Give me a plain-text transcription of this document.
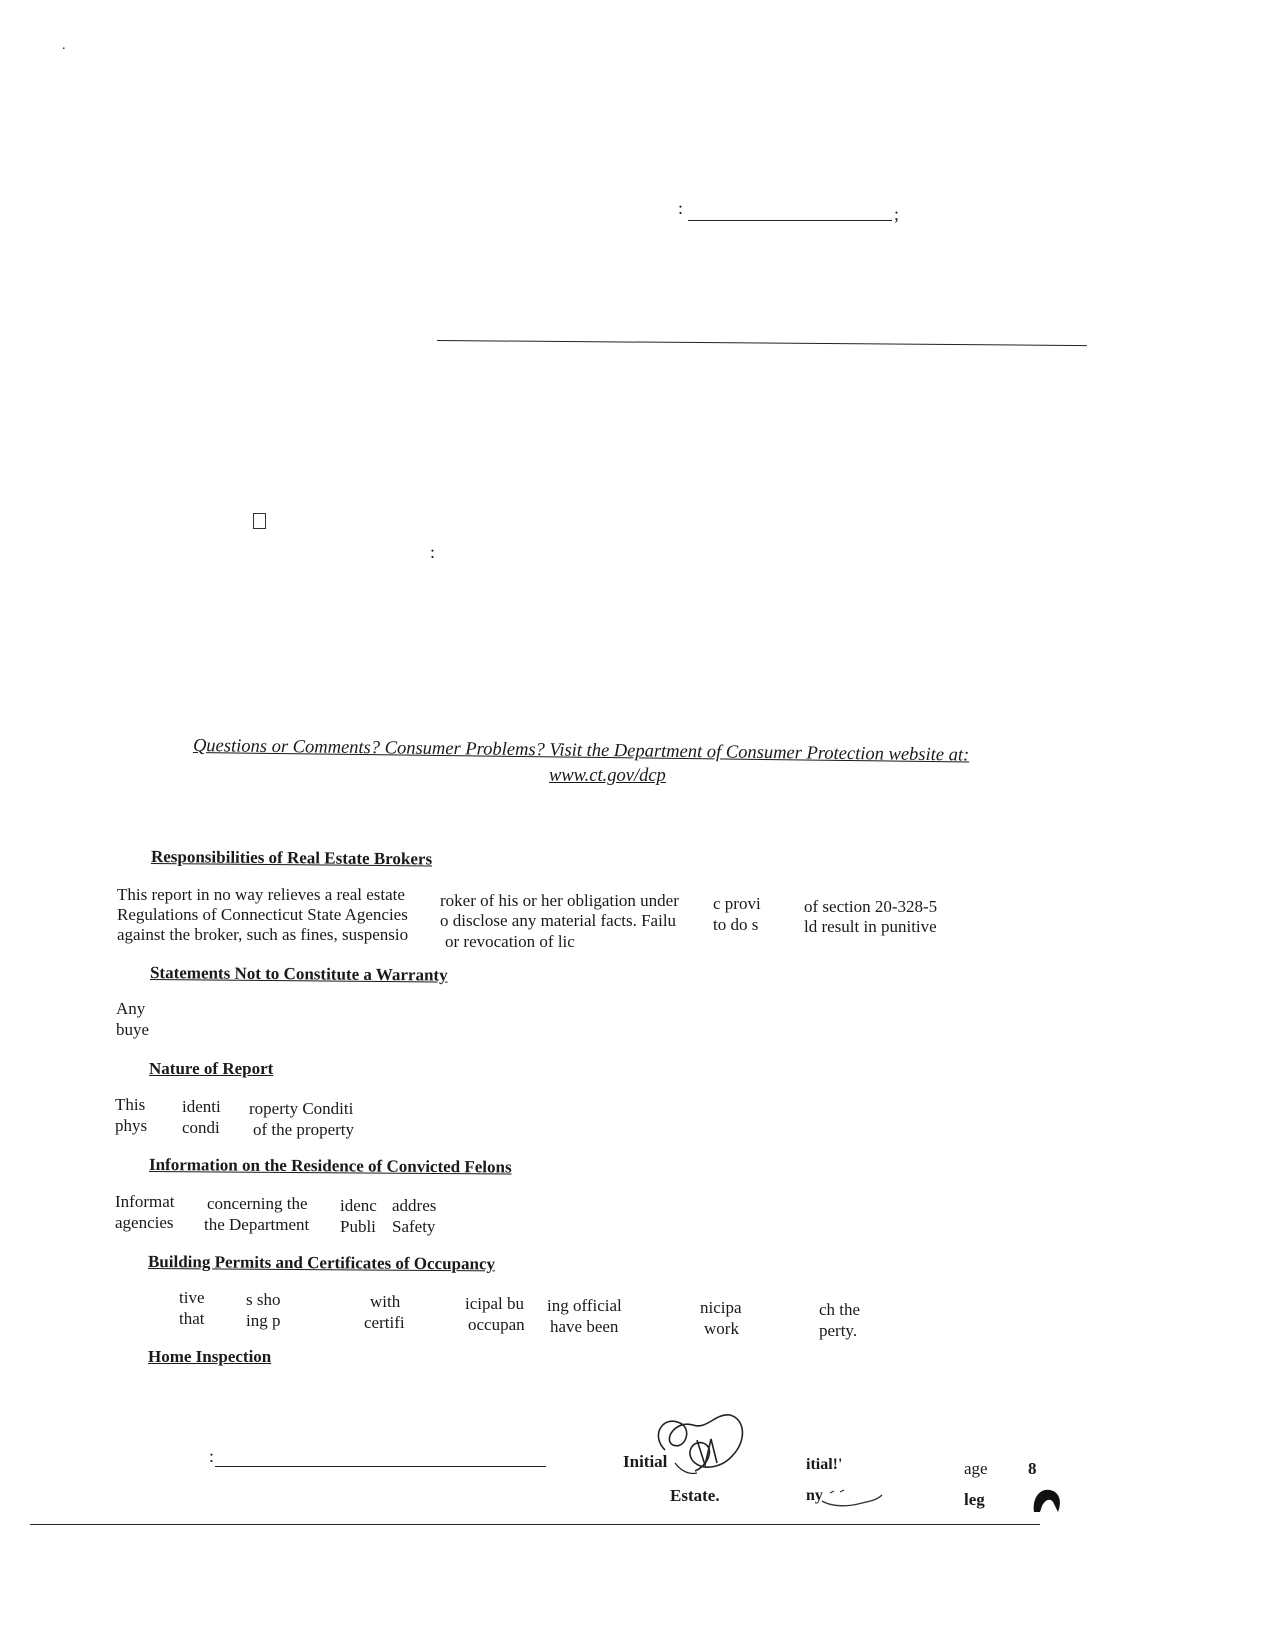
.
:	;
:
Questions or Comments? Consumer Problems? Visit the Department of Consumer Protection website at:
www.ct.gov/dcp
Responsibilities of Real Estate Brokers
This report in no way relieves a real estate
Regulations of Connecticut State Agencies
against the broker, such as fines, suspensio
roker of his or her obligation under
o disclose any material facts. Failu
or revocation of lic
c provi
to do s
of section 20-328-5
ld result in punitive
Statements Not to Constitute a Warranty
Any
buye
Nature of Report
This
phys
identi
condi
roperty Conditi
of the property
Information on the Residence of Convicted Felons
Informat
agencies
concerning the
the Department
idenc
Publi
addres
Safety
Building Permits and Certificates of Occupancy
tive
that
s sho
ing p
with
certifi
icipal bu
occupan
ing official
have been
nicipa
work
ch the
perty.
Home Inspection
:	Initial
Estate.
itial!'
ny
age 8
leg
